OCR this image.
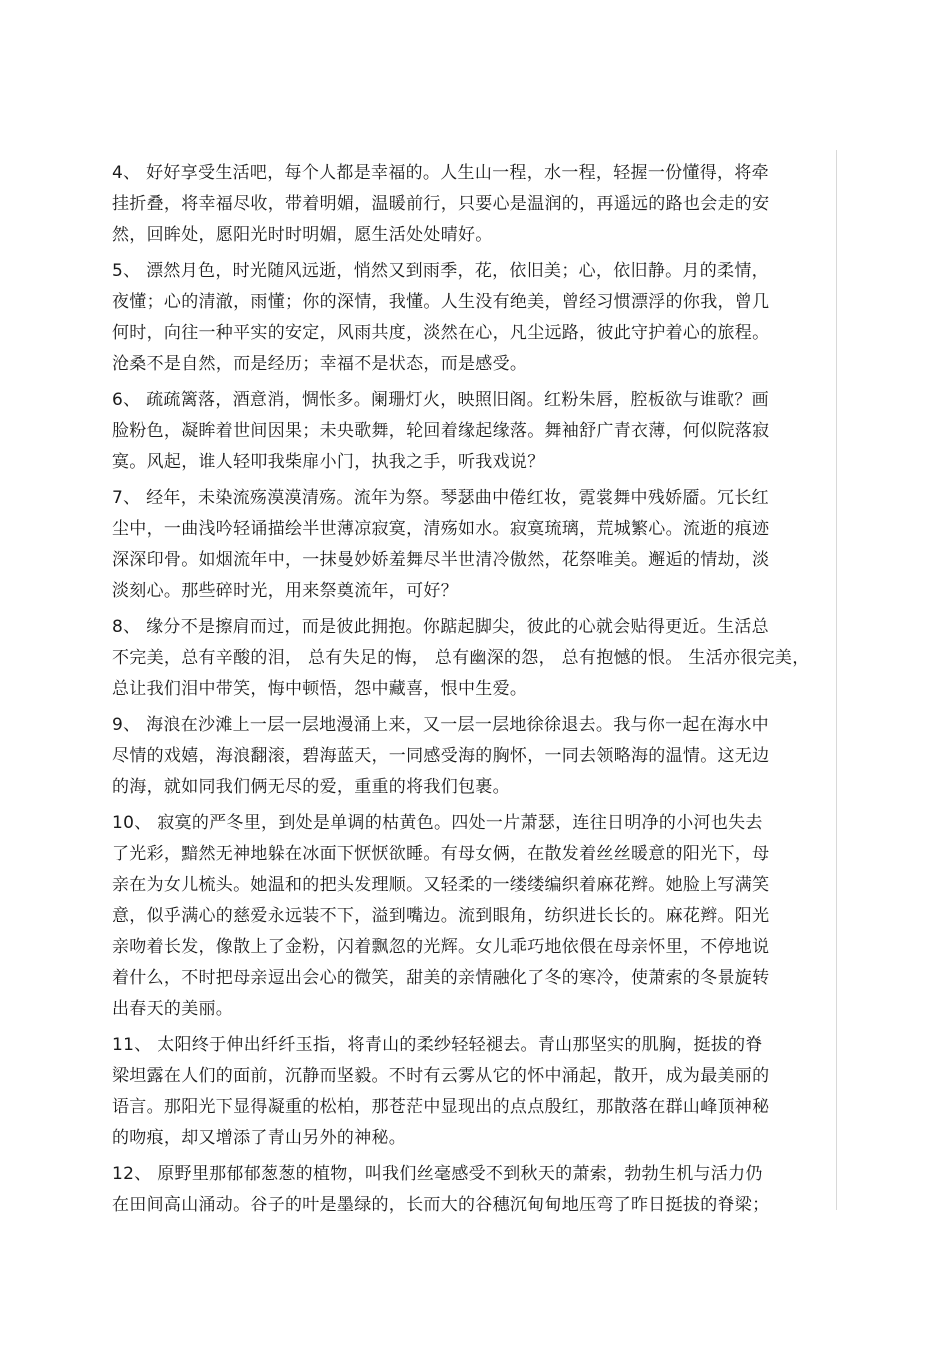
4、 好好享受生活吧，每个人都是幸福的。人生山一程，水一程，轻握一份懂得，将牵
挂折叠，将幸福尽收，带着明媚，温暖前行，只要心是温润的，再遥远的路也会走的安
然，回眸处，愿阳光时时明媚，愿生活处处晴好。
5、 漂然月色，时光随风远逝，悄然又到雨季，花，依旧美；心，依旧静。月的柔情，
夜懂；心的清澈，雨懂；你的深情，我懂。人生没有绝美，曾经习惯漂浮的你我，曾几
何时，向往一种平实的安定，风雨共度，淡然在心，凡尘远路，彼此守护着心的旅程。
沧桑不是自然，而是经历；幸福不是状态，而是感受。
6、 疏疏篱落，酒意消，惆怅多。阑珊灯火，映照旧阁。红粉朱唇，腔板欲与谁歌？画
脸粉色，凝眸着世间因果；未央歌舞，轮回着缘起缘落。舞袖舒广青衣薄，何似院落寂
寞。风起，谁人轻叩我柴扉小门，执我之手，听我戏说？
7、 经年，未染流殇漠漠清殇。流年为祭。琴瑟曲中倦红妆，霓裳舞中残娇靥。冗长红
尘中，一曲浅吟轻诵描绘半世薄凉寂寞，清殇如水。寂寞琉璃，荒城繁心。流逝的痕迹
深深印骨。如烟流年中，一抹曼妙娇羞舞尽半世清冷傲然，花祭唯美。邂逅的情劫，淡
淡刻心。那些碎时光，用来祭奠流年，可好？
8、 缘分不是擦肩而过，而是彼此拥抱。你踮起脚尖，彼此的心就会贴得更近。生活总
不完美，总有辛酸的泪， 总有失足的悔， 总有幽深的怨， 总有抱憾的恨。 生活亦很完美，
总让我们泪中带笑，悔中顿悟，怨中藏喜，恨中生爱。
9、 海浪在沙滩上一层一层地漫涌上来，又一层一层地徐徐退去。我与你一起在海水中
尽情的戏嬉，海浪翻滚，碧海蓝天，一同感受海的胸怀，一同去领略海的温情。这无边
的海，就如同我们俩无尽的爱，重重的将我们包裹。
10、 寂寞的严冬里，到处是单调的枯黄色。四处一片萧瑟，连往日明净的小河也失去
了光彩，黯然无神地躲在冰面下恹恹欲睡。有母女俩，在散发着丝丝暖意的阳光下，母
亲在为女儿梳头。她温和的把头发理顺。又轻柔的一缕缕编织着麻花辫。她脸上写满笑
意，似乎满心的慈爱永远装不下，溢到嘴边。流到眼角，纺织进长长的。麻花辫。阳光
亲吻着长发，像散上了金粉，闪着飘忽的光辉。女儿乖巧地依偎在母亲怀里，不停地说
着什么，不时把母亲逗出会心的微笑，甜美的亲情融化了冬的寒冷，使萧索的冬景旋转
出春天的美丽。
11、 太阳终于伸出纤纤玉指，将青山的柔纱轻轻褪去。青山那坚实的肌胸，挺拔的脊
梁坦露在人们的面前，沉静而坚毅。不时有云雾从它的怀中涌起，散开，成为最美丽的
语言。那阳光下显得凝重的松柏，那苍茫中显现出的点点殷红，那散落在群山峰顶神秘
的吻痕，却又增添了青山另外的神秘。
12、 原野里那郁郁葱葱的植物，叫我们丝毫感受不到秋天的萧索，勃勃生机与活力仍
在田间高山涌动。谷子的叶是墨绿的，长而大的谷穗沉甸甸地压弯了昨日挺拔的脊梁；
